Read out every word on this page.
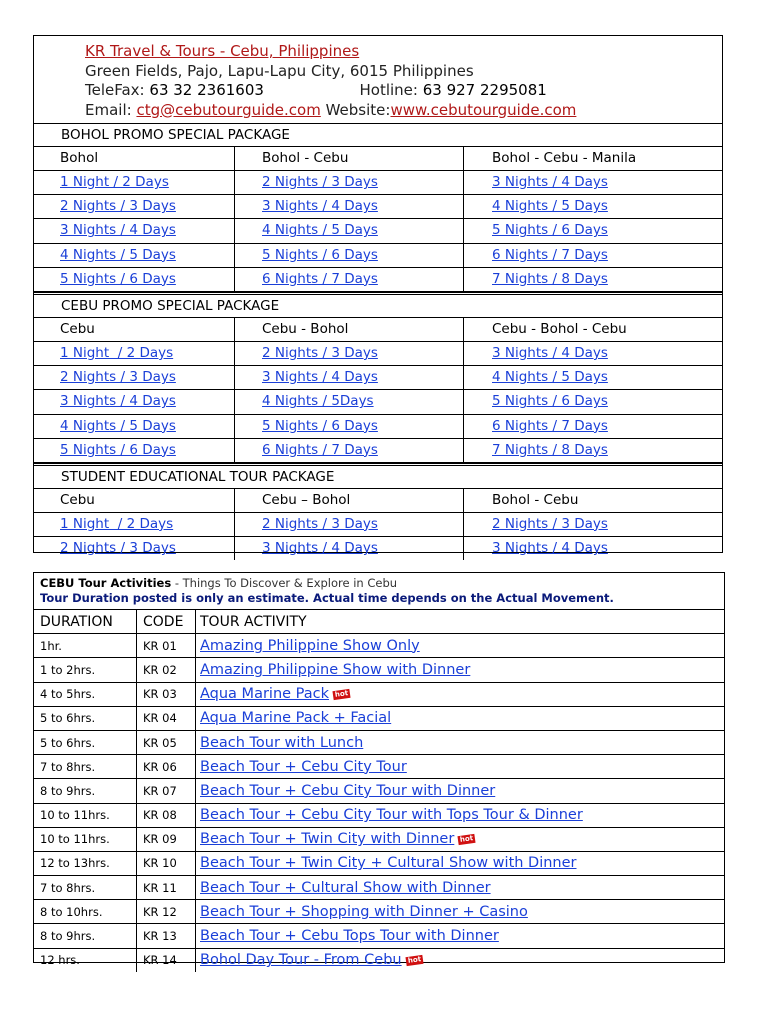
KR Travel & Tours - Cebu, Philippines
Green Fields, Pajo, Lapu-Lapu City, 6015 Philippines
TeleFax: 63 32 2361603	Hotline: 63 927 2295081
Email: ctg@cebutourguide.com Website:www.cebutourguide.com
BOHOL PROMO SPECIAL PACKAGE
Bohol	Bohol - Cebu	Bohol - Cebu - Manila
1 Night / 2 Days	2 Nights / 3 Days	3 Nights / 4 Days
2 Nights / 3 Days	3 Nights / 4 Days	4 Nights / 5 Days
3 Nights / 4 Days	4 Nights / 5 Days	5 Nights / 6 Days
4 Nights / 5 Days	5 Nights / 6 Days	6 Nights / 7 Days
5 Nights / 6 Days	6 Nights / 7 Days	7 Nights / 8 Days
CEBU PROMO SPECIAL PACKAGE
Cebu	Cebu - Bohol	Cebu - Bohol - Cebu
1 Night  / 2 Days	2 Nights / 3 Days	3 Nights / 4 Days
2 Nights / 3 Days	3 Nights / 4 Days	4 Nights / 5 Days
3 Nights / 4 Days	4 Nights / 5Days	5 Nights / 6 Days
4 Nights / 5 Days	5 Nights / 6 Days	6 Nights / 7 Days
5 Nights / 6 Days	6 Nights / 7 Days	7 Nights / 8 Days
STUDENT EDUCATIONAL TOUR PACKAGE
Cebu	Cebu – Bohol	Bohol - Cebu
1 Night  / 2 Days	2 Nights / 3 Days	2 Nights / 3 Days
2 Nights / 3 Days	3 Nights / 4 Days	3 Nights / 4 Days
CEBU Tour Activities - Things To Discover & Explore in Cebu
Tour Duration posted is only an estimate. Actual time depends on the Actual Movement.
DURATION	CODE	TOUR ACTIVITY
1hr.	KR 01	Amazing Philippine Show Only
1 to 2hrs.	KR 02	Amazing Philippine Show with Dinner
4 to 5hrs.	KR 03	Aqua Marine Pack hot
5 to 6hrs.	KR 04	Aqua Marine Pack + Facial
5 to 6hrs.	KR 05	Beach Tour with Lunch
7 to 8hrs.	KR 06	Beach Tour + Cebu City Tour
8 to 9hrs.	KR 07	Beach Tour + Cebu City Tour with Dinner
10 to 11hrs.	KR 08	Beach Tour + Cebu City Tour with Tops Tour & Dinner
10 to 11hrs.	KR 09	Beach Tour + Twin City with Dinner hot
12 to 13hrs.	KR 10	Beach Tour + Twin City + Cultural Show with Dinner
7 to 8hrs.	KR 11	Beach Tour + Cultural Show with Dinner
8 to 10hrs.	KR 12	Beach Tour + Shopping with Dinner + Casino
8 to 9hrs.	KR 13	Beach Tour + Cebu Tops Tour with Dinner
12 hrs.	KR 14	Bohol Day Tour - From Cebu hot
